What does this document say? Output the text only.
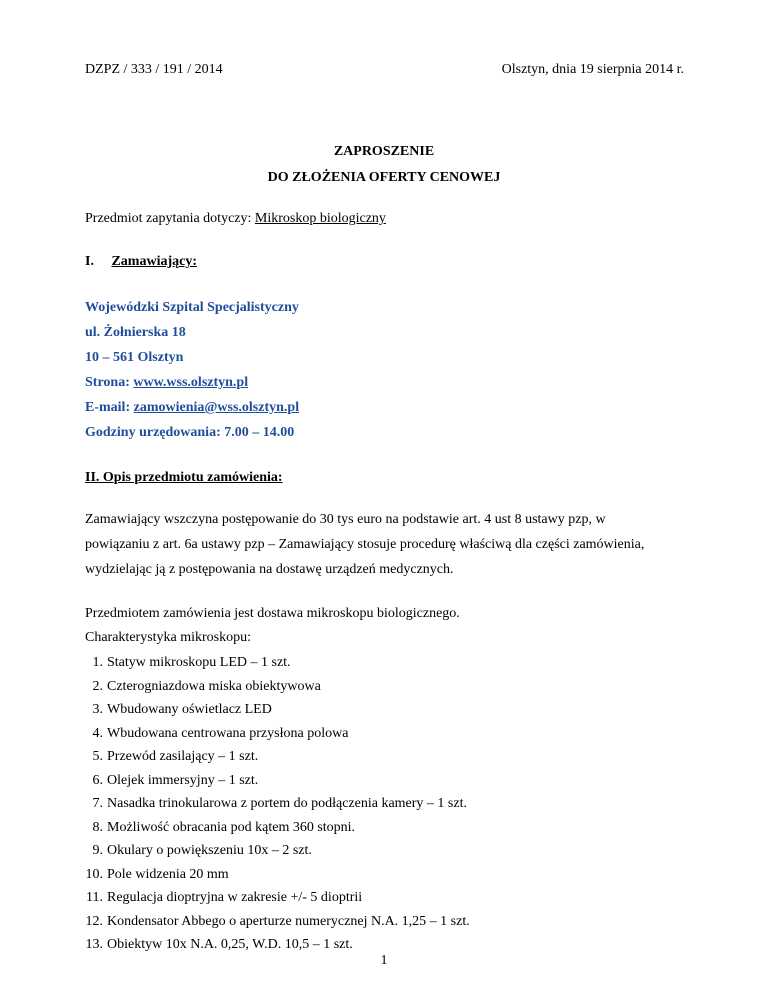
DZPZ / 333 / 191 / 2014	Olsztyn, dnia 19 sierpnia 2014 r.
ZAPROSZENIE
DO ZŁOŻENIA OFERTY CENOWEJ
Przedmiot zapytania dotyczy: Mikroskop biologiczny
I. Zamawiający:
Wojewódzki Szpital Specjalistyczny
ul. Żołnierska 18
10 – 561 Olsztyn
Strona: www.wss.olsztyn.pl
E-mail: zamowienia@wss.olsztyn.pl
Godziny urzędowania: 7.00 – 14.00
II. Opis przedmiotu zamówienia:
Zamawiający wszczyna postępowanie do 30 tys euro na podstawie art. 4 ust 8 ustawy pzp, w
powiązaniu z art. 6a ustawy pzp – Zamawiający stosuje procedurę właściwą dla części zamówienia,
wydzielając ją z postępowania na dostawę urządzeń medycznych.
Przedmiotem zamówienia jest dostawa mikroskopu biologicznego.
Charakterystyka mikroskopu:
1. Statyw mikroskopu LED – 1 szt.
2. Czterogniazdowa miska obiektywowa
3. Wbudowany oświetlacz LED
4. Wbudowana centrowana przysłona polowa
5. Przewód zasilający – 1 szt.
6. Olejek immersyjny – 1 szt.
7. Nasadka trinokularowa z portem do podłączenia kamery – 1 szt.
8. Możliwość obracania pod kątem 360 stopni.
9. Okulary o powiększeniu 10x – 2 szt.
10. Pole widzenia 20 mm
11. Regulacja dioptryjna w zakresie +/- 5 dioptrii
12. Kondensator Abbego o aperturze numerycznej N.A. 1,25 – 1 szt.
13. Obiektyw 10x N.A. 0,25, W.D. 10,5 – 1 szt.
1
